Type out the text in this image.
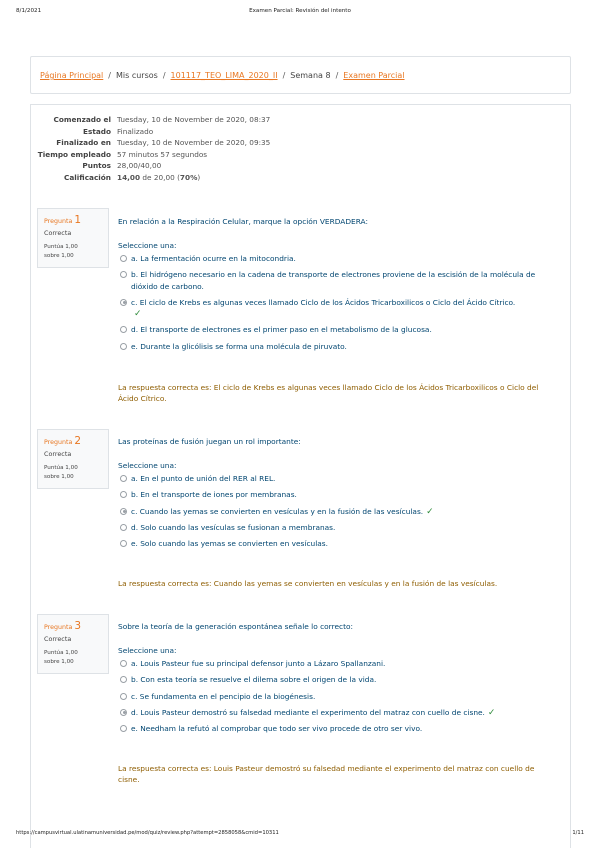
8/1/2021	Examen Parcial: Revisión del intento
Página Principal / Mis cursos / 101117_TEO_LIMA_2020_II / Semana 8 / Examen Parcial
Comenzado el Tuesday, 10 de November de 2020, 08:37
Estado Finalizado
Finalizado en Tuesday, 10 de November de 2020, 09:35
Tiempo empleado 57 minutos 57 segundos
Puntos 28,00/40,00
Calificación 14,00 de 20,00 (70%)
Pregunta 1
Correcta
Puntúa 1,00 sobre 1,00
En relación a la Respiración Celular, marque la opción VERDADERA:
Seleccione una:
a. La fermentación ocurre en la mitocondria.
b. El hidrógeno necesario en la cadena de transporte de electrones proviene de la escisión de la molécula de dióxido de carbono.
c. El ciclo de Krebs es algunas veces llamado Ciclo de los Ácidos Tricarboxilicos o Ciclo del Ácido Cítrico.
✓
d. El transporte de electrones es el primer paso en el metabolismo de la glucosa.
e. Durante la glicólisis se forma una molécula de piruvato.
La respuesta correcta es: El ciclo de Krebs es algunas veces llamado Ciclo de los Ácidos Tricarboxilicos o Ciclo del Ácido Cítrico.
Pregunta 2
Correcta
Puntúa 1,00 sobre 1,00
Las proteínas de fusión juegan un rol importante:
Seleccione una:
a. En el punto de unión del RER al REL.
b. En el transporte de iones por membranas.
c. Cuando las yemas se convierten en vesículas y en la fusión de las vesículas. ✓
d. Solo cuando las vesículas se fusionan a membranas.
e. Solo cuando las yemas se convierten en vesículas.
La respuesta correcta es: Cuando las yemas se convierten en vesículas y en la fusión de las vesículas.
Pregunta 3
Correcta
Puntúa 1,00 sobre 1,00
Sobre la teoría de la generación espontánea señale lo correcto:
Seleccione una:
a. Louis Pasteur fue su principal defensor junto a Lázaro Spallanzani.
b. Con esta teoría se resuelve el dilema sobre el origen de la vida.
c. Se fundamenta en el pencipio de la biogénesis.
d. Louis Pasteur demostró su falsedad mediante el experimento del matraz con cuello de cisne. ✓
e. Needham la refutó al comprobar que todo ser vivo procede de otro ser vivo.
La respuesta correcta es: Louis Pasteur demostró su falsedad mediante el experimento del matraz con cuello de cisne.
https://campusvirtual.ulatinamuniversidad.pe/mod/quiz/review.php?attempt=2858058&cmid=10311	1/11
